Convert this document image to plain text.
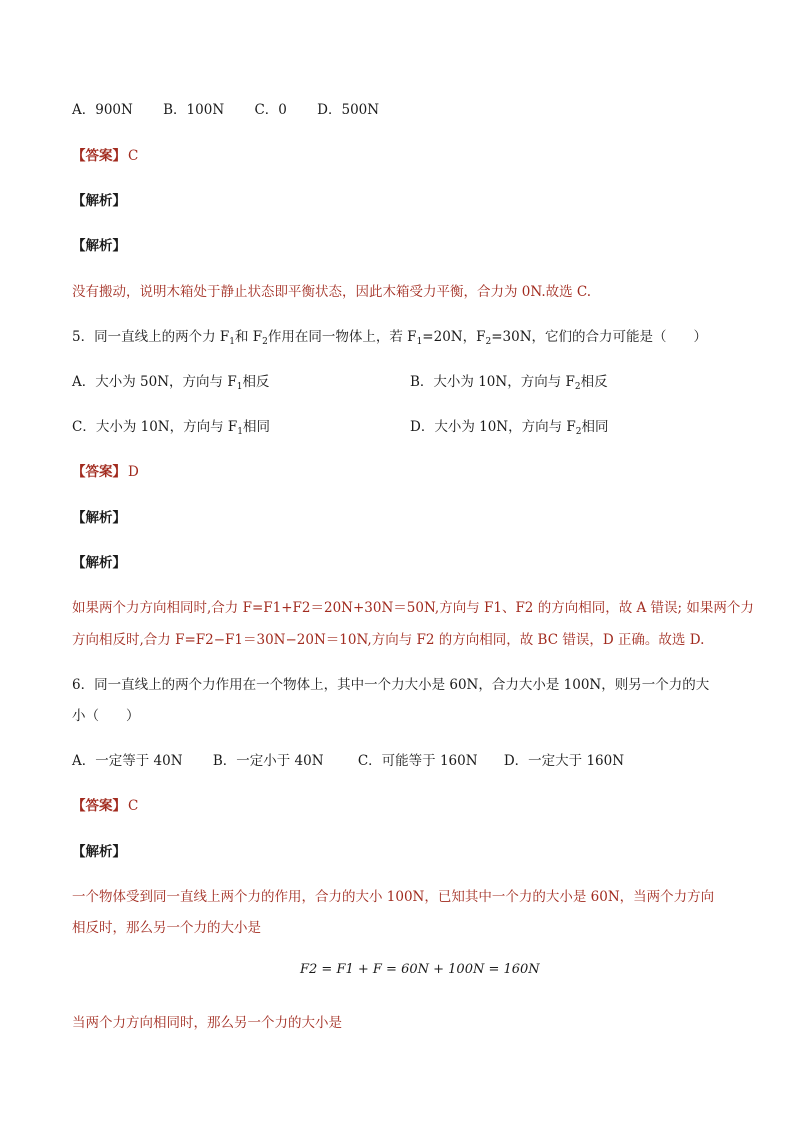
A．900N B．100N C．0 D．500N
【答案】 C
【解析】
【解析】
没有搬动，说明木箱处于静止状态即平衡状态，因此木箱受力平衡，合力为 0N.故选 C.
5．同一直线上的两个力 $F_1$和 $F_2$作用在同一物体上，若 $F_1=20N$，$F_2=30N$，它们的合力可能是（　　）
A．大小为 50N，方向与 $F_1$相反	B．大小为 10N，方向与 $F_2$相反
C．大小为 10N，方向与 $F_1$相同	D．大小为 10N，方向与 $F_2$相同
【答案】 D
【解析】
【解析】
如果两个力方向相同时,合力 F=F1+F2＝20N+30N＝50N,方向与 F1、F2 的方向相同，故 A 错误; 如果两个力
方向相反时,合力 F=F2−F1＝30N−20N＝10N,方向与 F2 的方向相同，故 BC 错误，D 正确。故选 D.
6．同一直线上的两个力作用在一个物体上，其中一个力大小是 60N，合力大小是 100N，则另一个力的大
小（　　）
A．一定等于 40N B．一定小于 40N	C．可能等于 160N D．一定大于 160N
【答案】 C
【解析】
一个物体受到同一直线上两个力的作用，合力的大小 100N，已知其中一个力的大小是 60N，当两个力方向
相反时，那么另一个力的大小是
F2 = F1 + F = 60N + 100N = 160N
当两个力方向相同时，那么另一个力的大小是
